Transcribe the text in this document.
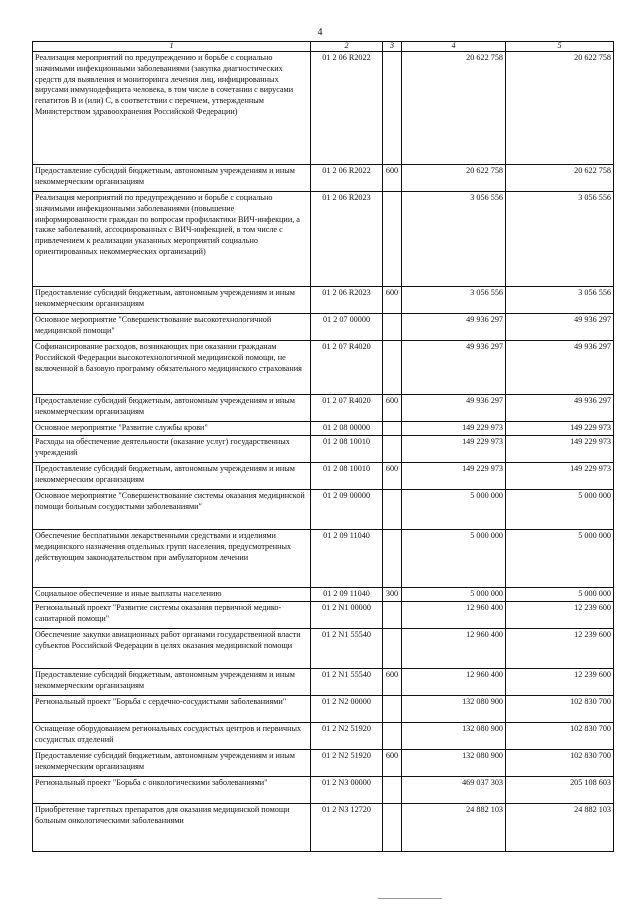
4
1	2	3	4	5
Реализация мероприятий по предупреждению и борьбе с социально значимыми инфекционными заболеваниями (закупка диагностических средств для выявления и мониторинга лечения лиц, инфицированных вирусами иммунодефицита человека, в том числе в сочетании с вирусами гепатитов В и (или) С, в соответствии с перечнем, утвержденным Министерством здравоохранения Российской Федерации)	01 2 06 R2022		20 622 758	20 622 758
Предоставление субсидий бюджетным, автономным учреждениям и иным некоммерческим организациям	01 2 06 R2022	600	20 622 758	20 622 758
Реализация мероприятий по предупреждению и борьбе с социально значимыми инфекционными заболеваниями (повышение информированности граждан по вопросам профилактики ВИЧ-инфекции, а также заболеваний, ассоциированных с ВИЧ-инфекцией, в том числе с привлечением к реализации указанных мероприятий социально ориентированных некоммерческих организаций)	01 2 06 R2023		3 056 556	3 056 556
Предоставление субсидий бюджетным, автономным учреждениям и иным некоммерческим организациям	01 2 06 R2023	600	3 056 556	3 056 556
Основное мероприятие "Совершенствование высокотехнологичной медицинской помощи"	01 2 07 00000		49 936 297	49 936 297
Софинансирование расходов, возникающих при оказании гражданам Российской Федерации высокотехнологичной медицинской помощи, не включенной в базовую программу обязательного медицинского страхования	01 2 07 R4020		49 936 297	49 936 297
Предоставление субсидий бюджетным, автономным учреждениям и иным некоммерческим организациям	01 2 07 R4020	600	49 936 297	49 936 297
Основное мероприятие "Развитие службы крови"	01 2 08 00000		149 229 973	149 229 973
Расходы на обеспечение деятельности (оказание услуг) государственных учреждений	01 2 08 10010		149 229 973	149 229 973
Предоставление субсидий бюджетным, автономным учреждениям и иным некоммерческим организациям	01 2 08 10010	600	149 229 973	149 229 973
Основное мероприятие "Совершенствование системы оказания медицинской помощи больным сосудистыми заболеваниями"	01 2 09 00000		5 000 000	5 000 000
Обеспечение бесплатными лекарственными средствами и изделиями медицинского назначения отдельных групп населения, предусмотренных действующим законодательством при амбулаторном лечении	01 2 09 11040		5 000 000	5 000 000
Социальное обеспечение и иные выплаты населению	01 2 09 11040	300	5 000 000	5 000 000
Региональный проект "Развитие системы оказания первичной медико-санитарной помощи"	01 2 N1 00000		12 960 400	12 239 600
Обеспечение закупки авиационных работ органами государственной власти субъектов Российской Федерации в целях оказания медицинской помощи	01 2 N1 55540		12 960 400	12 239 600
Предоставление субсидий бюджетным, автономным учреждениям и иным некоммерческим организациям	01 2 N1 55540	600	12 960 400	12 239 600
Региональный проект "Борьба с сердечно-сосудистыми заболеваниями"	01 2 N2 00000		132 080 900	102 830 700
Оснащение оборудованием региональных сосудистых центров и первичных сосудистых отделений	01 2 N2 51920		132 080 900	102 830 700
Предоставление субсидий бюджетным, автономным учреждениям и иным некоммерческим организациям	01 2 N2 51920	600	132 080 900	102 830 700
Региональный проект "Борьба с онкологическими заболеваниями"	01 2 N3 00000		469 037 303	205 108 603
Приобретение таргетных препаратов для оказания медицинской помощи больным онкологическими заболеваниями	01 2 N3 12720		24 882 103	24 882 103
